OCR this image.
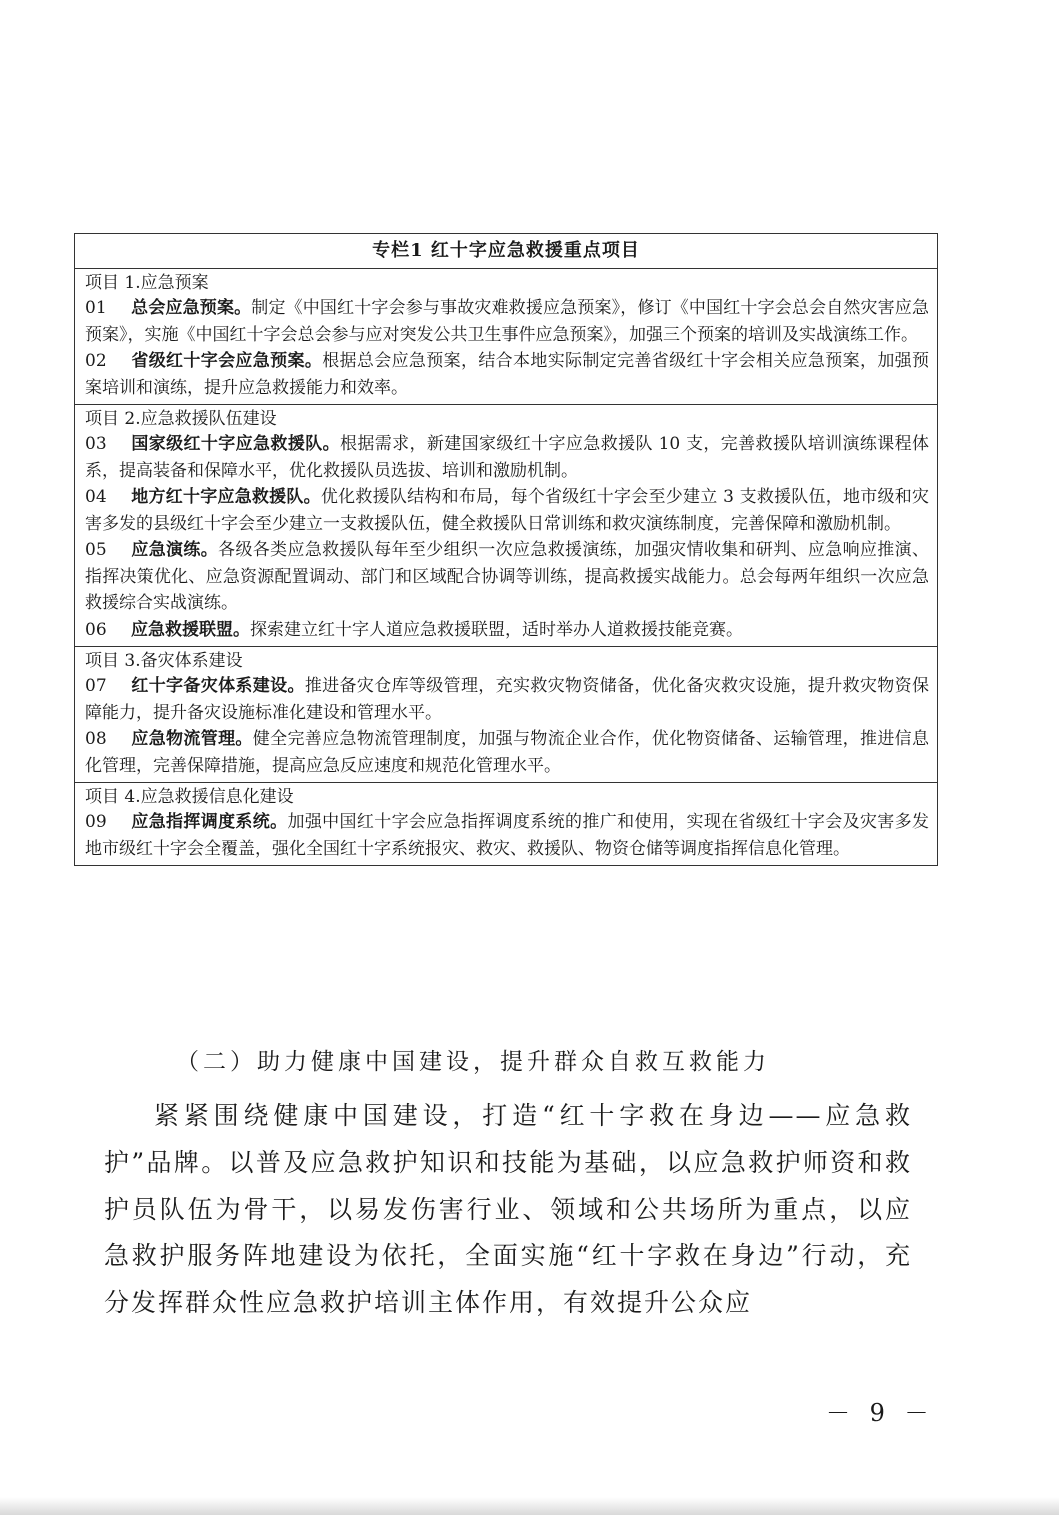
专栏1 红十字应急救援重点项目
项目 1.应急预案
01 总会应急预案。制定《中国红十字会参与事故灾难救援应急预案》，修订《中国红十字会总会自然灾害应急预案》，实施《中国红十字会总会参与应对突发公共卫生事件应急预案》，加强三个预案的培训及实战演练工作。
02 省级红十字会应急预案。根据总会应急预案，结合本地实际制定完善省级红十字会相关应急预案，加强预案培训和演练，提升应急救援能力和效率。
项目 2.应急救援队伍建设
03 国家级红十字应急救援队。根据需求，新建国家级红十字应急救援队 10 支，完善救援队培训演练课程体系，提高装备和保障水平，优化救援队员选拔、培训和激励机制。
04 地方红十字应急救援队。优化救援队结构和布局，每个省级红十字会至少建立 3 支救援队伍，地市级和灾害多发的县级红十字会至少建立一支救援队伍，健全救援队日常训练和救灾演练制度，完善保障和激励机制。
05 应急演练。各级各类应急救援队每年至少组织一次应急救援演练，加强灾情收集和研判、应急响应推演、指挥决策优化、应急资源配置调动、部门和区域配合协调等训练，提高救援实战能力。总会每两年组织一次应急救援综合实战演练。
06 应急救援联盟。探索建立红十字人道应急救援联盟，适时举办人道救援技能竞赛。
项目 3.备灾体系建设
07 红十字备灾体系建设。推进备灾仓库等级管理，充实救灾物资储备，优化备灾救灾设施，提升救灾物资保障能力，提升备灾设施标准化建设和管理水平。
08 应急物流管理。健全完善应急物流管理制度，加强与物流企业合作，优化物资储备、运输管理，推进信息化管理，完善保障措施，提高应急反应速度和规范化管理水平。
项目 4.应急救援信息化建设
09 应急指挥调度系统。加强中国红十字会应急指挥调度系统的推广和使用，实现在省级红十字会及灾害多发地市级红十字会全覆盖，强化全国红十字系统报灾、救灾、救援队、物资仓储等调度指挥信息化管理。
（二）助力健康中国建设，提升群众自救互救能力
紧紧围绕健康中国建设，打造“红十字救在身边——应急救护”品牌。以普及应急救护知识和技能为基础，以应急救护师资和救护员队伍为骨干，以易发伤害行业、领域和公共场所为重点，以应急救护服务阵地建设为依托，全面实施“红十字救在身边”行动，充分发挥群众性应急救护培训主体作用，有效提升公众应
－ 9 －
